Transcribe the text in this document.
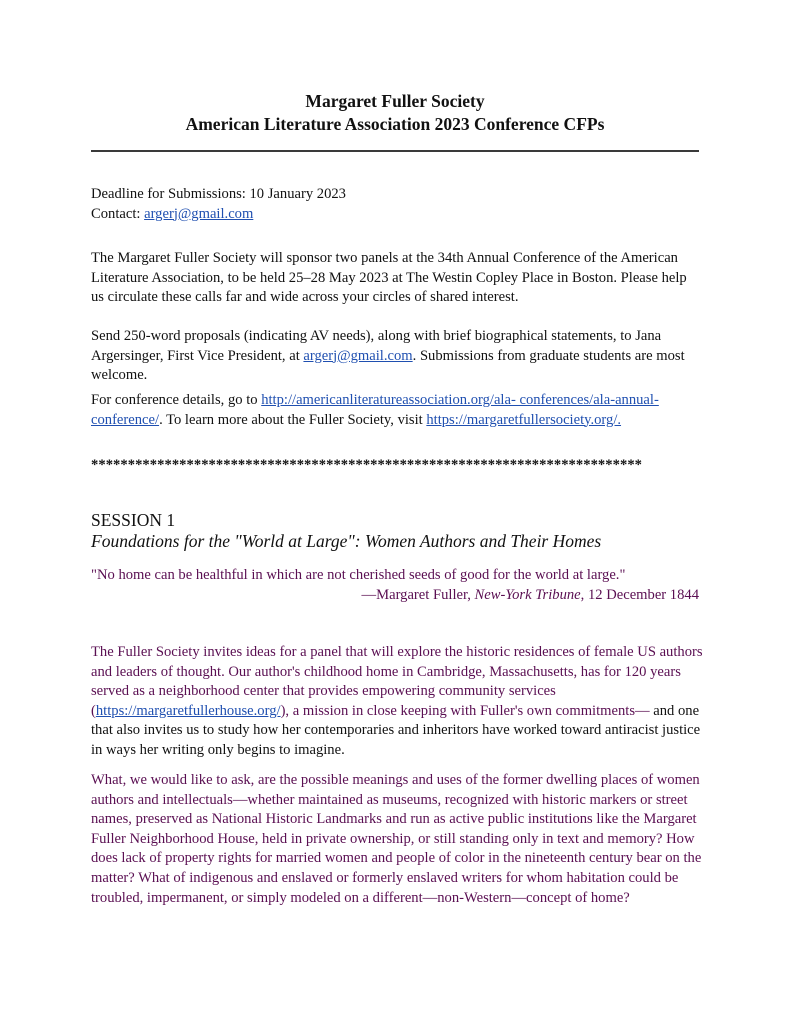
Margaret Fuller Society
American Literature Association 2023 Conference CFPs

Deadline for Submissions: 10 January 2023

Contact: argerj@gmail.com

The Margaret Fuller Society will sponsor two panels at the 34th Annual Conference of the American Literature Association, to be held 25–28 May 2023 at The Westin Copley Place in Boston. Please help us circulate these calls far and wide across your circles of shared interest.

Send 250-word proposals (indicating AV needs), along with brief biographical statements, to Jana Argersinger, First Vice President, at argerj@gmail.com. Submissions from graduate students are most welcome.

For conference details, go to http://americanliteratureassociation.org/ala- conferences/ala-annual-conference/. To learn more about the Fuller Society, visit https://margaretfullersociety.org/.

***************************************************************************
SESSION 1
Foundations for the "World at Large": Women Authors and Their Homes
"No home can be healthful in which are not cherished seeds of good for the world at large."
—Margaret Fuller, New-York Tribune, 12 December 1844

The Fuller Society invites ideas for a panel that will explore the historic residences of female US authors and leaders of thought. Our author's childhood home in Cambridge, Massachusetts, has for 120 years served as a neighborhood center that provides empowering community services (https://margaretfullerhouse.org/), a mission in close keeping with Fuller's own commitments— and one that also invites us to study how her contemporaries and inheritors have worked toward antiracist justice in ways her writing only begins to imagine.

What, we would like to ask, are the possible meanings and uses of the former dwelling places of women authors and intellectuals—whether maintained as museums, recognized with historic markers or street names, preserved as National Historic Landmarks and run as active public institutions like the Margaret Fuller Neighborhood House, held in private ownership, or still standing only in text and memory? How does lack of property rights for married women and people of color in the nineteenth century bear on the matter? What of indigenous and enslaved or formerly enslaved writers for whom habitation could be troubled, impermanent, or simply modeled on a different—non-Western—concept of home?
